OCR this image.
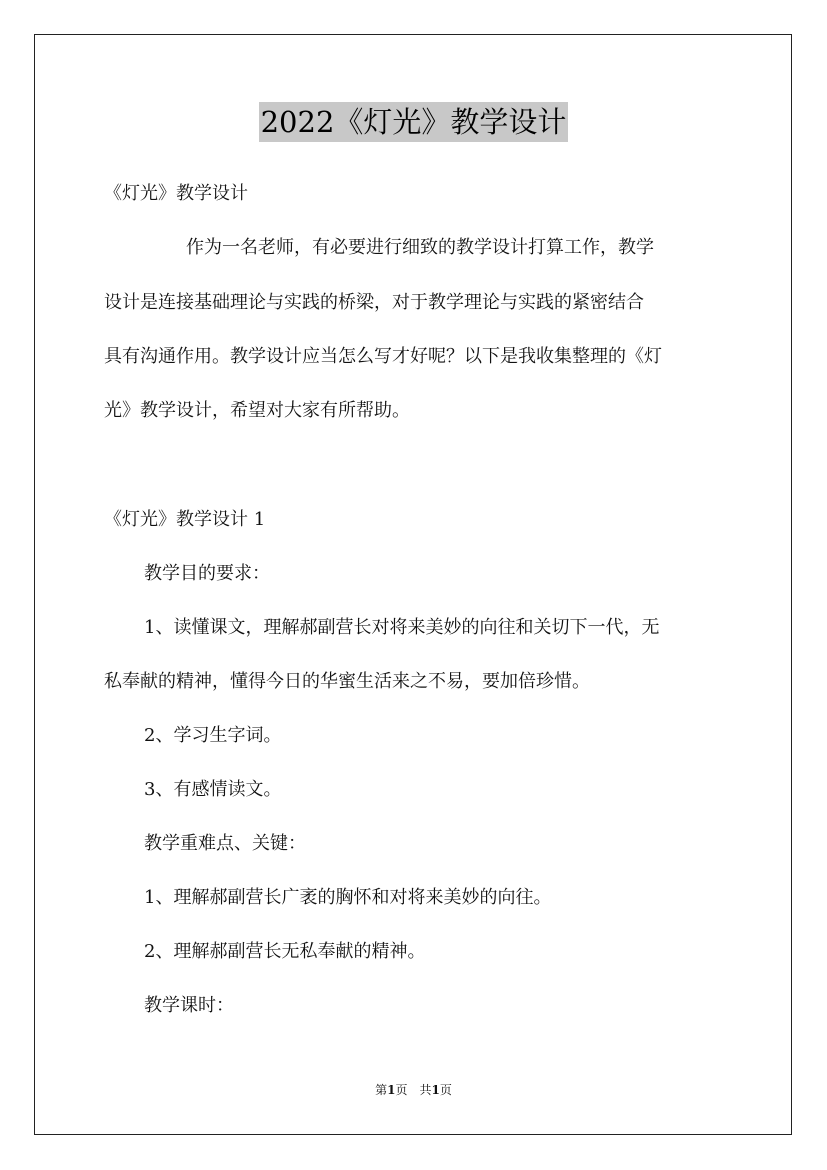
2022《灯光》教学设计
《灯光》教学设计
作为一名老师，有必要进行细致的教学设计打算工作，教学
设计是连接基础理论与实践的桥梁，对于教学理论与实践的紧密结合
具有沟通作用。教学设计应当怎么写才好呢？以下是我收集整理的《灯
光》教学设计，希望对大家有所帮助。
《灯光》教学设计 1
教学目的要求：
1、读懂课文，理解郝副营长对将来美妙的向往和关切下一代，无
私奉献的精神，懂得今日的华蜜生活来之不易，要加倍珍惜。
2、学习生字词。
3、有感情读文。
教学重难点、关键：
1、理解郝副营长广袤的胸怀和对将来美妙的向往。
2、理解郝副营长无私奉献的精神。
教学课时：
第1页　共1页
